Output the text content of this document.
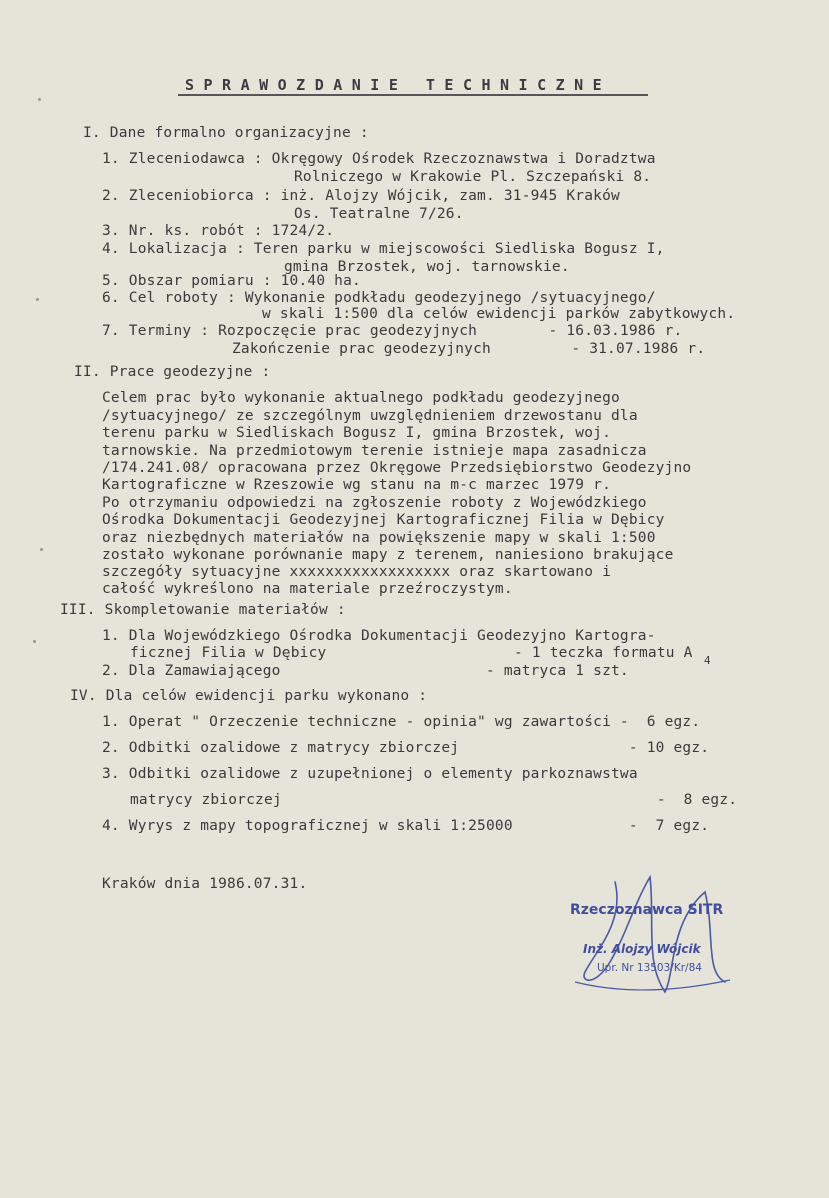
SPRAWOZDANIE TECHNICZNE
I. Dane formalno organizacyjne :
1. Zleceniodawca : Okręgowy Ośrodek Rzeczoznawstwa i Doradztwa
Rolniczego w Krakowie Pl. Szczepański 8.
2. Zleceniobiorca : inż. Alojzy Wójcik, zam. 31-945 Kraków
Os. Teatralne 7/26.
3. Nr. ks. robót : 1724/2.
4. Lokalizacja : Teren parku w miejscowości Siedliska Bogusz I,
gmina Brzostek, woj. tarnowskie.
5. Obszar pomiaru : 10.40 ha.
6. Cel roboty : Wykonanie podkładu geodezyjnego /sytuacyjnego/
w skali 1:500 dla celów ewidencji parków zabytkowych.
7. Terminy : Rozpoczęcie prac geodezyjnych        - 16.03.1986 r.
Zakończenie prac geodezyjnych         - 31.07.1986 r.
II. Prace geodezyjne :
Celem prac było wykonanie aktualnego podkładu geodezyjnego
/sytuacyjnego/ ze szczególnym uwzględnieniem drzewostanu dla
terenu parku w Siedliskach Bogusz I, gmina Brzostek, woj.
tarnowskie. Na przedmiotowym terenie istnieje mapa zasadnicza
/174.241.08/ opracowana przez Okręgowe Przedsiębiorstwo Geodezyjno
Kartograficzne w Rzeszowie wg stanu na m-c marzec 1979 r.
Po otrzymaniu odpowiedzi na zgłoszenie roboty z Wojewódzkiego
Ośrodka Dokumentacji Geodezyjnej Kartograficznej Filia w Dębicy
oraz niezbędnych materiałów na powiększenie mapy w skali 1:500
zostało wykonane porównanie mapy z terenem, naniesiono brakujące
szczegóły sytuacyjne xxxxxxxxxxxxxxxxxx oraz skartowano i
całość wykreślono na materiale przeźroczystym.
III. Skompletowanie materiałów :
1. Dla Wojewódzkiego Ośrodka Dokumentacji Geodezyjno Kartogra-
ficznej Filia w Dębicy                     - 1 teczka formatu A 4
2. Dla Zamawiającego                       - matryca 1 szt.
IV. Dla celów ewidencji parku wykonano :
1. Operat " Orzeczenie techniczne - opinia" wg zawartości -  6 egz.
2. Odbitki ozalidowe z matrycy zbiorczej                   - 10 egz.
3. Odbitki ozalidowe z uzupełnionej o elementy parkoznawstwa
matrycy zbiorczej                                          -  8 egz.
4. Wyrys z mapy topograficznej w skali 1:25000             -  7 egz.
Kraków dnia 1986.07.31.
Rzeczoznawca SITR
Inż. Alojzy Wójcik
Upr. Nr 13503/Kr/84
